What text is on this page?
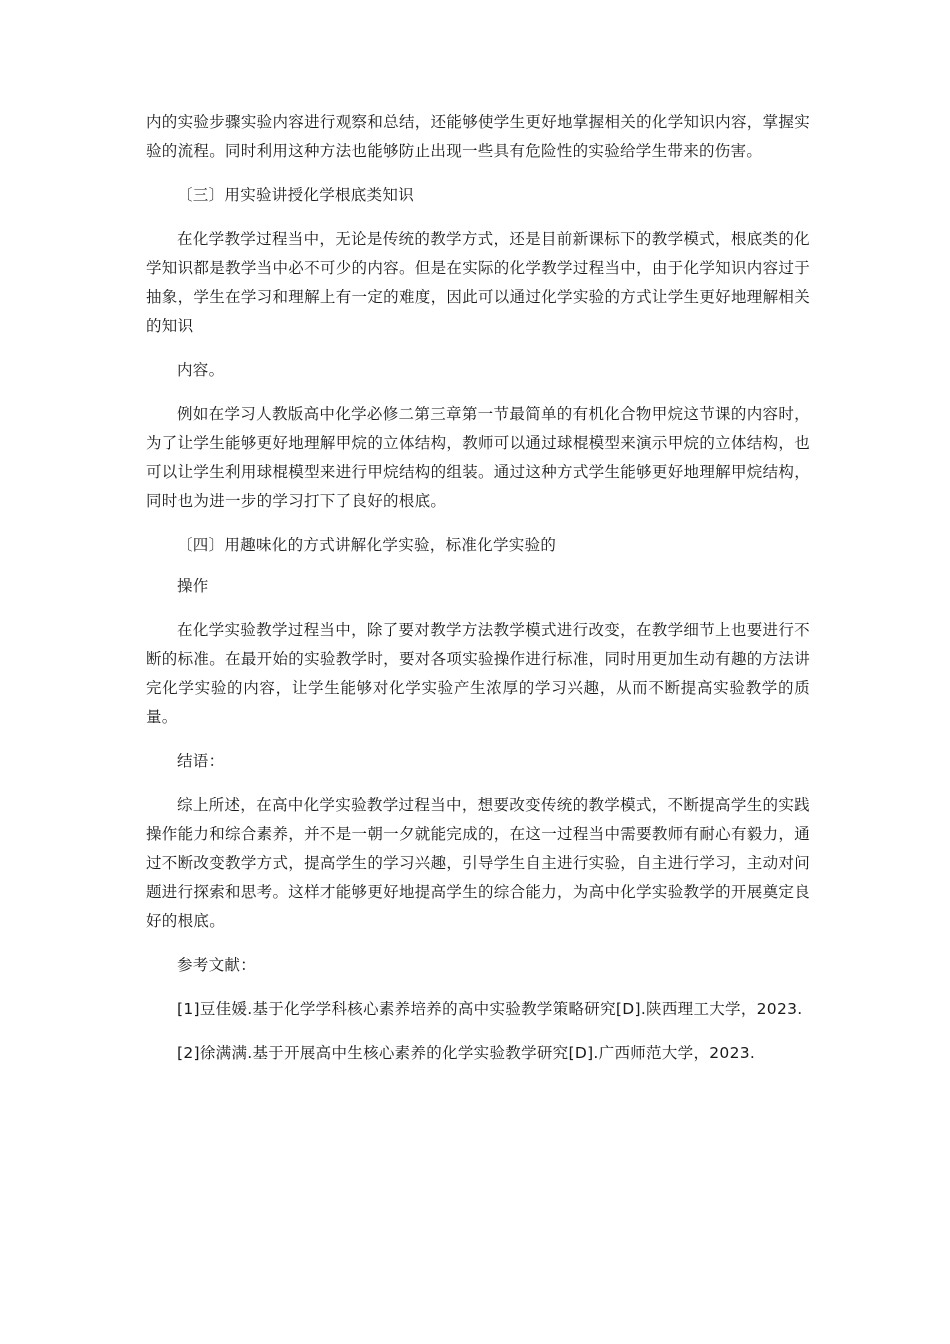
内的实验步骤实验内容进行观察和总结，还能够使学生更好地掌握相关的化学知识内容，掌握实验的流程。同时利用这种方法也能够防止出现一些具有危险性的实验给学生带来的伤害。

〔三〕用实验讲授化学根底类知识

在化学教学过程当中，无论是传统的教学方式，还是目前新课标下的教学模式，根底类的化学知识都是教学当中必不可少的内容。但是在实际的化学教学过程当中，由于化学知识内容过于抽象，学生在学习和理解上有一定的难度，因此可以通过化学实验的方式让学生更好地理解相关的知识

内容。

例如在学习人教版高中化学必修二第三章第一节最简单的有机化合物甲烷这节课的内容时，为了让学生能够更好地理解甲烷的立体结构，教师可以通过球棍模型来演示甲烷的立体结构，也可以让学生利用球棍模型来进行甲烷结构的组装。通过这种方式学生能够更好地理解甲烷结构，同时也为进一步的学习打下了良好的根底。

〔四〕用趣味化的方式讲解化学实验，标准化学实验的

操作

在化学实验教学过程当中，除了要对教学方法教学模式进行改变，在教学细节上也要进行不断的标准。在最开始的实验教学时，要对各项实验操作进行标准，同时用更加生动有趣的方法讲完化学实验的内容，让学生能够对化学实验产生浓厚的学习兴趣，从而不断提高实验教学的质量。

结语：

综上所述，在高中化学实验教学过程当中，想要改变传统的教学模式，不断提高学生的实践操作能力和综合素养，并不是一朝一夕就能完成的，在这一过程当中需要教师有耐心有毅力，通过不断改变教学方式，提高学生的学习兴趣，引导学生自主进行实验，自主进行学习，主动对问题进行探索和思考。这样才能够更好地提高学生的综合能力，为高中化学实验教学的开展奠定良好的根底。

参考文献：

[1]豆佳媛.基于化学学科核心素养培养的高中实验教学策略研究[D].陕西理工大学，2023.

[2]徐满满.基于开展高中生核心素养的化学实验教学研究[D].广西师范大学，2023.
